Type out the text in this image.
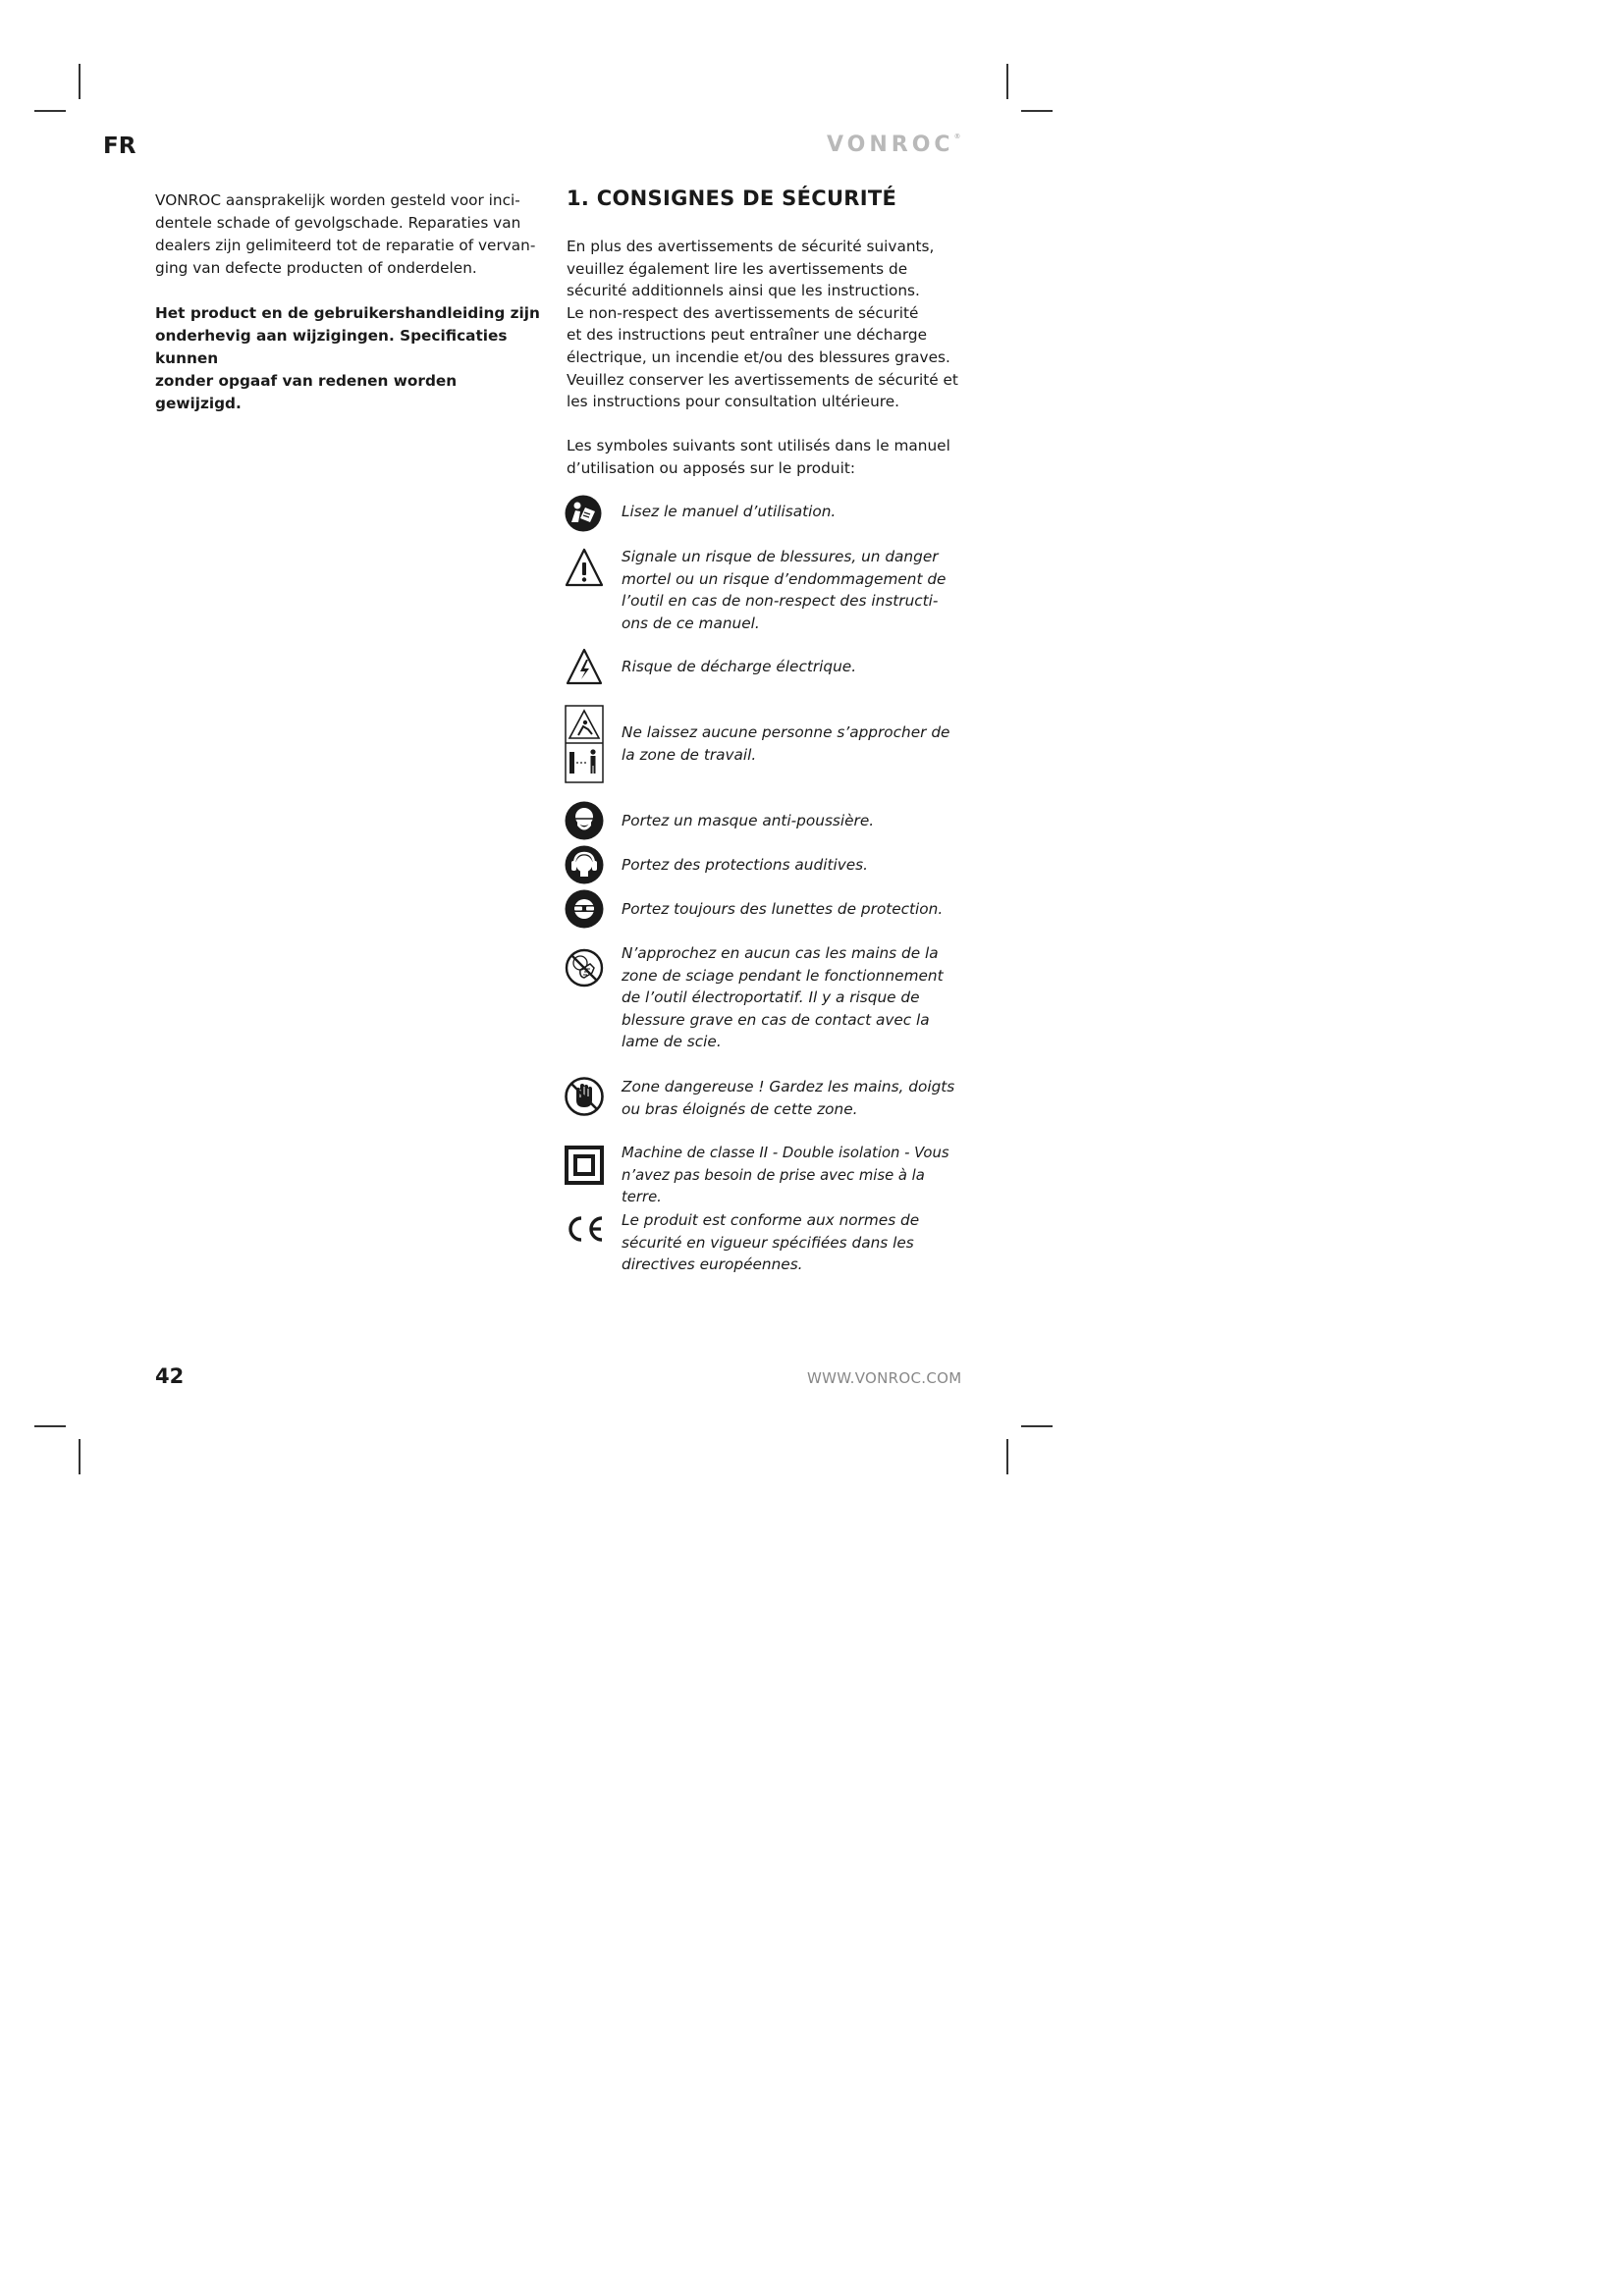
FR	VONROC®

VONROC aansprakelijk worden gesteld voor inci-
dentele schade of gevolgschade. Reparaties van
dealers zijn gelimiteerd tot de reparatie of vervan-
ging van defecte producten of onderdelen.

Het product en de gebruikershandleiding zijn
onderhevig aan wijzigingen. Specificaties kunnen
zonder opgaaf van redenen worden gewijzigd.

1. CONSIGNES DE SÉCURITÉ

En plus des avertissements de sécurité suivants,
veuillez également lire les avertissements de
sécurité additionnels ainsi que les instructions.
Le non-respect des avertissements de sécurité
et des instructions peut entraîner une décharge
électrique, un incendie et/ou des blessures graves.
Veuillez conserver les avertissements de sécurité et
les instructions pour consultation ultérieure.

Les symboles suivants sont utilisés dans le manuel
d’utilisation ou apposés sur le produit:

Lisez le manuel d’utilisation.

Signale un risque de blessures, un danger
mortel ou un risque d’endommagement de
l’outil en cas de non-respect des instructi-
ons de ce manuel.

Risque de décharge électrique.

Ne laissez aucune personne s’approcher de
la zone de travail.

Portez un masque anti-poussière.

Portez des protections auditives.

Portez toujours des lunettes de protection.

N’approchez en aucun cas les mains de la
zone de sciage pendant le fonctionnement
de l’outil électroportatif. Il y a risque de
blessure grave en cas de contact avec la
lame de scie.

Zone dangereuse ! Gardez les mains, doigts
ou bras éloignés de cette zone.

Machine de classe II - Double isolation - Vous
n’avez pas besoin de prise avec mise à la terre.

Le produit est conforme aux normes de
sécurité en vigueur spécifiées dans les
directives européennes.

42	WWW.VONROC.COM
